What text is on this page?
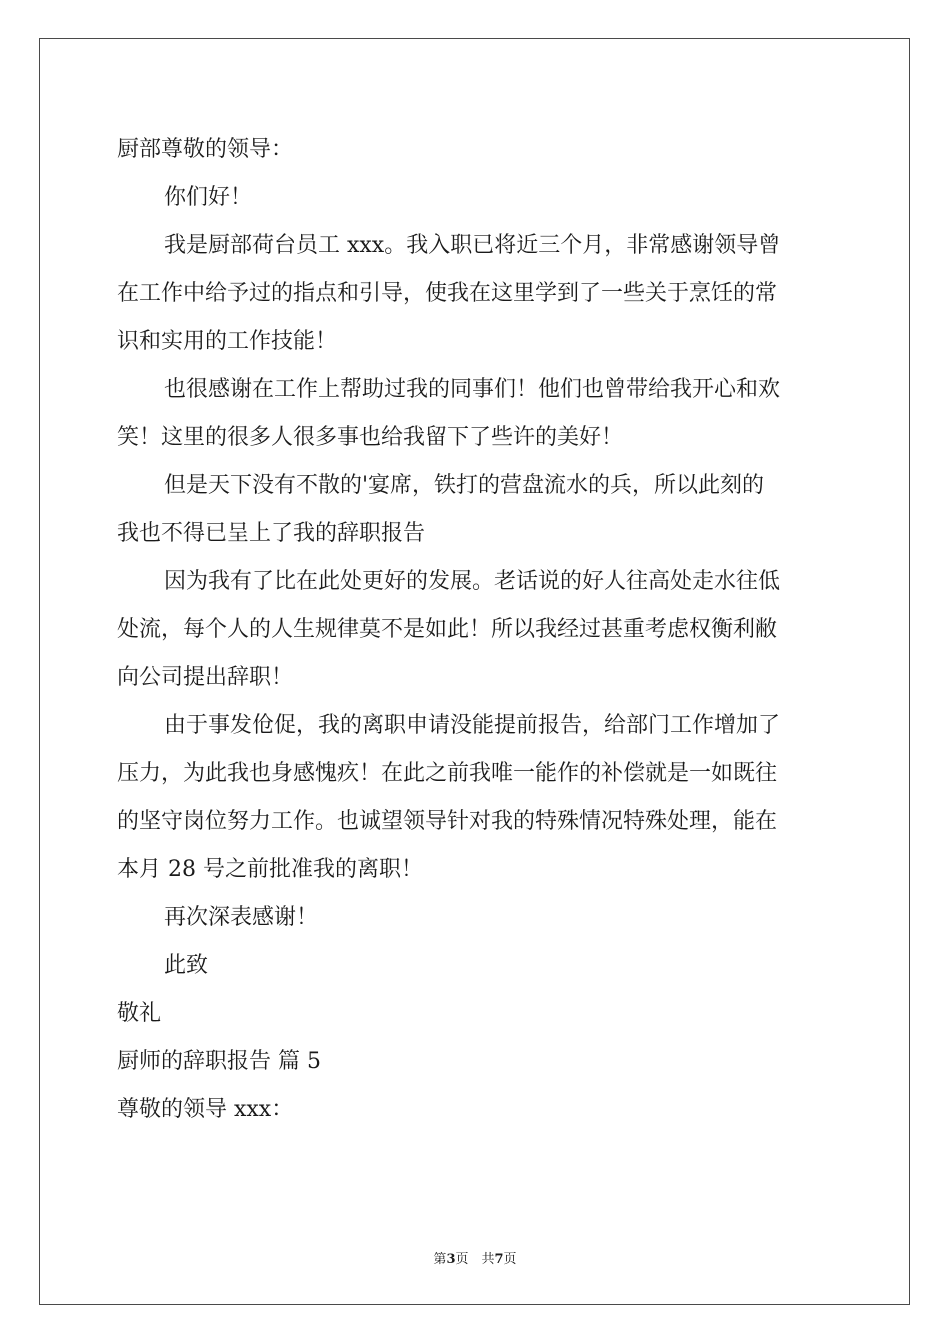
厨部尊敬的领导：
你们好！
我是厨部荷台员工 xxx。我入职已将近三个月，非常感谢领导曾
在工作中给予过的指点和引导，使我在这里学到了一些关于烹饪的常
识和实用的工作技能！
也很感谢在工作上帮助过我的同事们！他们也曾带给我开心和欢
笑！这里的很多人很多事也给我留下了些许的美好！
但是天下没有不散的'宴席，铁打的营盘流水的兵，所以此刻的
我也不得已呈上了我的辞职报告
因为我有了比在此处更好的发展。老话说的好人往高处走水往低
处流，每个人的人生规律莫不是如此！所以我经过甚重考虑权衡利敝
向公司提出辞职！
由于事发伧促，我的离职申请没能提前报告，给部门工作增加了
压力，为此我也身感愧疚！在此之前我唯一能作的补偿就是一如既往
的坚守岗位努力工作。也诚望领导针对我的特殊情况特殊处理，能在
本月 28 号之前批准我的离职！
再次深表感谢！
此致
敬礼
厨师的辞职报告 篇 5
尊敬的领导 xxx：
第3页　共7页
